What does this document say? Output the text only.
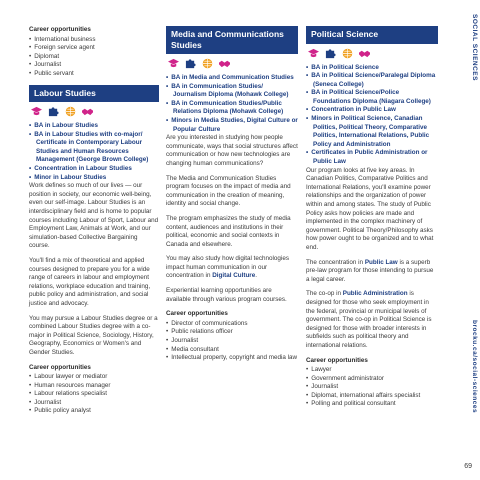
Career opportunities
• International business
• Foreign service agent
• Diplomat
• Journalist
• Public servant
Labour Studies
• BA in Labour Studies
• BA in Labour Studies with co-major/ Certificate in Contemporary Labour Studies and Human Resources Management (George Brown College)
• Concentration in Labour Studies
• Minor in Labour Studies

Work defines so much of our lives — our position in society, our economic well-being, even our self-image. Labour Studies is an interdisciplinary field and is home to popular courses including Labour of Sport, Labour and Employment Law, Animals at Work, and our simulation-based Collective Bargaining course.

You'll find a mix of theoretical and applied courses designed to prepare you for a wide range of careers in labour and employment relations, workplace education and training, public policy and administration, and social justice and advocacy.

You may pursue a Labour Studies degree or a combined Labour Studies degree with a co-major in Political Science, Sociology, History, Geography, Economics or Women's and Gender Studies.

Career opportunities
• Labour lawyer or mediator
• Human resources manager
• Labour relations specialist
• Journalist
• Public policy analyst
Media and Communications Studies
• BA in Media and Communication Studies
• BA in Communication Studies/ Journalism Diploma (Mohawk College)
• BA in Communication Studies/Public Relations Diploma (Mohawk College)
• Minors in Media Studies, Digital Culture or Popular Culture

Are you interested in studying how people communicate, ways that social structures affect communication or how new technologies are changing human communications?

The Media and Communication Studies program focuses on the impact of media and communication in the creation of meaning, identity and social change.

The program emphasizes the study of media content, audiences and institutions in their political, economic and social contexts in Canada and elsewhere.

You may also study how digital technologies impact human communication in our concentration in Digital Culture.

Experiential learning opportunities are available through various program courses.

Career opportunities
• Director of communications
• Public relations officer
• Journalist
• Media consultant
• Intellectual property, copyright and media law
Political Science
• BA in Political Science
• BA in Political Science/Paralegal Diploma (Seneca College)
• BA in Political Science/Police Foundations Diploma (Niagara College)
• Concentration in Public Law
• Minors in Political Science, Canadian Politics, Political Theory, Comparative Politics, International Relations, Public Policy and Administration
• Certificates in Public Administration or Public Law

Our program looks at five key areas. In Canadian Politics, Comparative Politics and International Relations, you'll examine power relationships and the organization of power within and among states. The study of Public Policy asks how policies are made and implemented in the complex machinery of government. Political Theory/Philosophy asks how power ought to be organized and to what end.

The concentration in Public Law is a superb pre-law program for those intending to pursue a legal career.

The co-op in Public Administration is designed for those who seek employment in the federal, provincial or municipal levels of government. The co-op in Political Science is designed for those with broader interests in subfields such as political theory and international relations.

Career opportunities
• Lawyer
• Government administrator
• Journalist
• Diplomat, international affairs specialist
• Polling and political consultant
SOCIAL SCIENCES
brocku.ca/social-sciences
69
